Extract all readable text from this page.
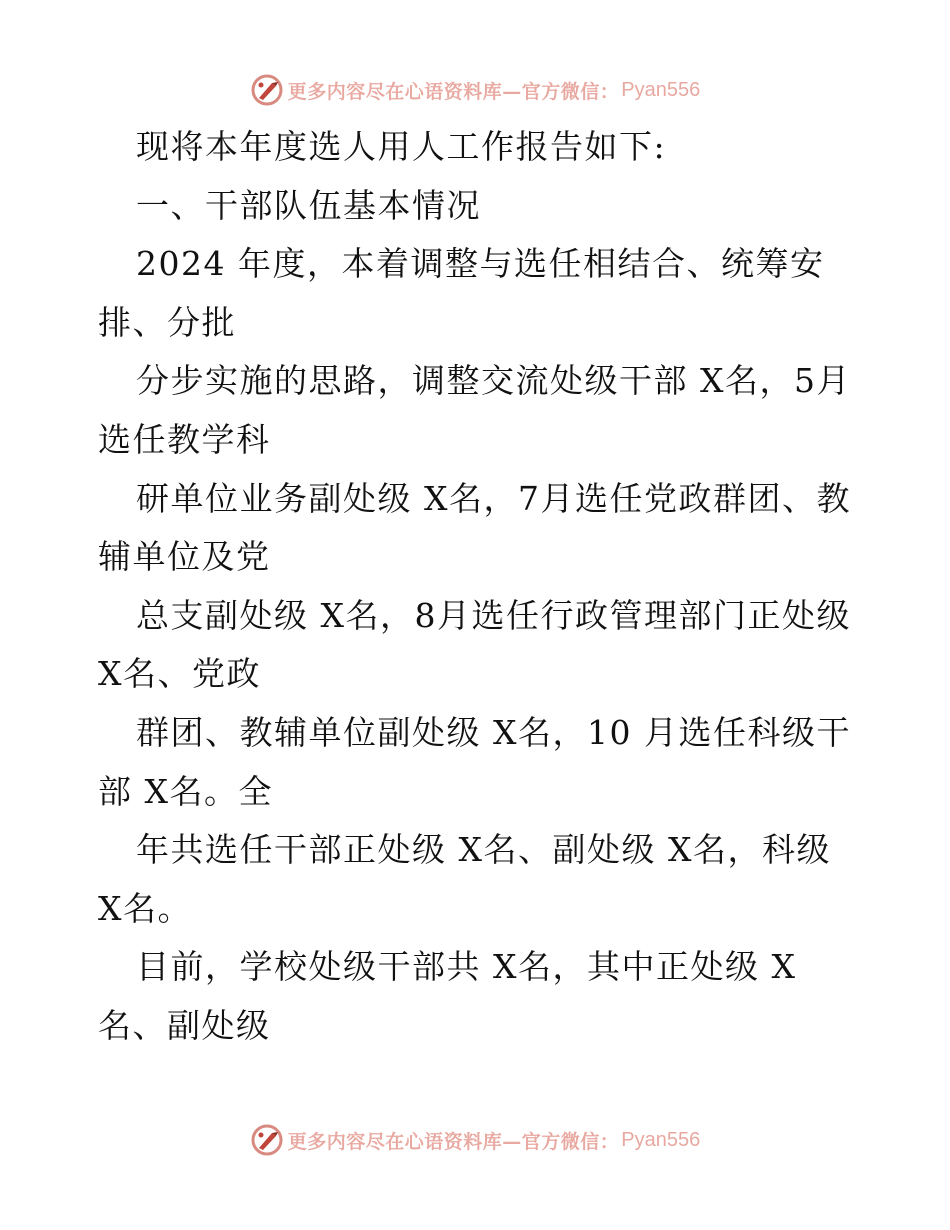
更多内容尽在心语资料库—官方微信： Pyan556
现将本年度选人用人工作报告如下:
一、干部队伍基本情况
2024 年度，本着调整与选任相结合、统筹安
排、分批
分步实施的思路，调整交流处级干部 X名，5月
选任教学科
研单位业务副处级 X名，7月选任党政群团、教
辅单位及党
总支副处级 X名，8月选任行政管理部门正处级
X名、党政
群团、教辅单位副处级 X名，10 月选任科级干
部 X名。全
年共选任干部正处级 X名、副处级 X名，科级
X名。
目前，学校处级干部共 X名，其中正处级 X
名、副处级
更多内容尽在心语资料库—官方微信： Pyan556
